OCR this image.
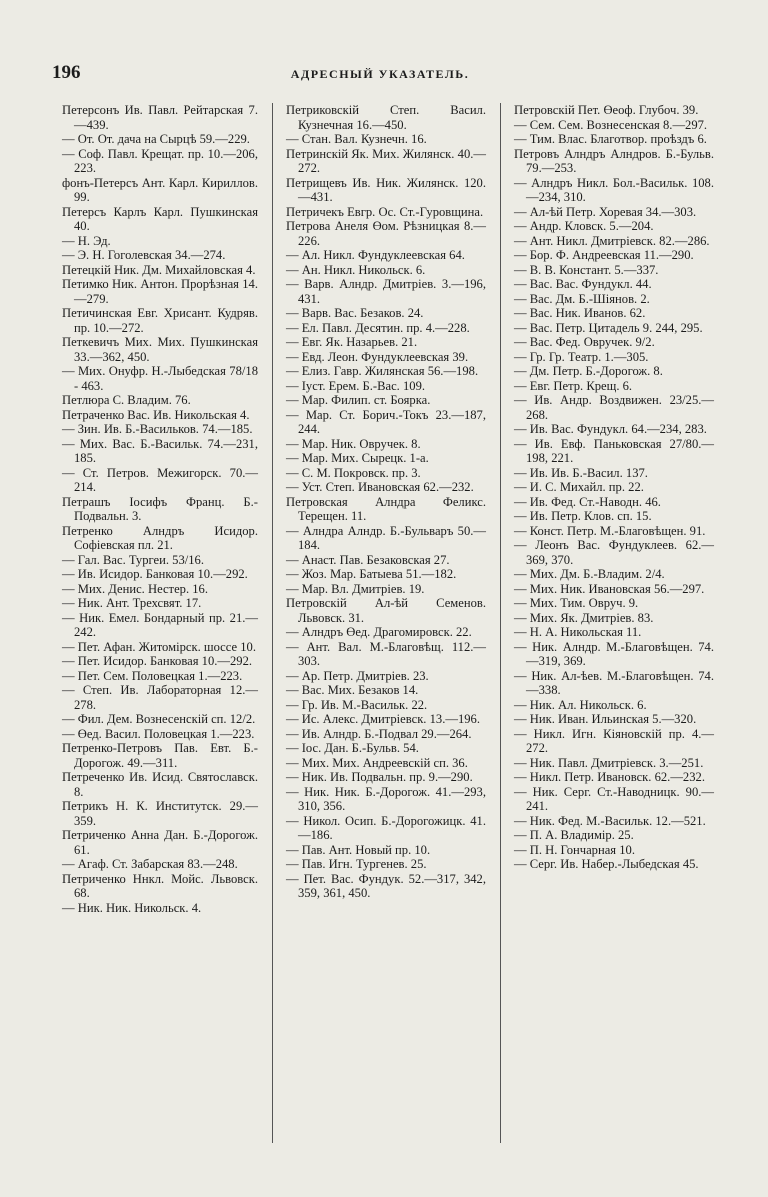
196	АДРЕСНЫЙ УКАЗАТЕЛЬ.
Петерсонъ Ив. Павл. Рейтарская 7.—439.
— От. От. дача на Сырцѣ 59.—229.
— Соф. Павл. Крещат. пр. 10.—206, 223.
фонъ-Петерсъ Ант. Карл. Кириллов. 99.
Петерсъ Карлъ Карл. Пушкинская 40.
— Н. Эд.
— Э. Н. Гоголевская 34.—274.
Петецкій Ник. Дм. Михайловская 4.
Петимко Ник. Антон. Прорѣзная 14.—279.
Петичинская Евг. Хрисант. Кудряв. пр. 10.—272.
Петкевичъ Мих. Мих. Пушкинская 33.—362, 450.
— Мих. Онуфр. Н.-Лыбедская 78/18 - 463.
Петлюра С. Владим. 76.
Петраченко Вас. Ив. Никольская 4.
— Зин. Ив. Б.-Васильков. 74.—185.
— Мих. Вас. Б.-Васильк. 74.—231, 185.
— Ст. Петров. Межигорск. 70.—214.
Петрашъ Іосифъ Франц. Б.-Подвальн. 3.
Петренко Алндръ Исидор. Софіевская пл. 21.
— Гал. Вас. Тургеи. 53/16.
— Ив. Исидор. Банковая 10.—292.
— Мих. Денис. Нестер. 16.
— Ник. Ант. Трехсвят. 17.
— Ник. Емел. Бондарный пр. 21.—242.
— Пет. Афан. Житомірск. шоссе 10.
— Пет. Исидор. Банковая 10.—292.
— Пет. Сем. Половецкая 1.—223.
— Степ. Ив. Лабораторная 12.—278.
— Фил. Дем. Вознесенскій сп. 12/2.
— Өед. Васил. Половецкая 1.—223.
Петренко-Петровъ Пав. Евт. Б.-Дорогож. 49.—311.
Петреченко Ив. Исид. Святославск. 8.
Петрикъ Н. К. Институтск. 29.—359.
Петриченко Анна Дан. Б.-Дорогож. 61.
— Агаф. Ст. Забарская 83.—248.
Петриченко Ннкл. Мойс. Львовск. 68.
— Ник. Ник. Никольск. 4.
Петриковскій Степ. Васил. Кузнечная 16.—450.
— Стан. Вал. Кузнечн. 16.
Петринскій Як. Мих. Жилянск. 40.—272.
Петрищевъ Ив. Ник. Жилянск. 120.—431.
Петричекъ Евгр. Ос. Ст.-Гуровщина.
Петрова Анеля Өом. Рѣзницкая 8.—226.
— Ал. Никл. Фундуклеевская 64.
— Ан. Никл. Никольск. 6.
— Варв. Алндр. Дмитріев. 3.—196, 431.
— Варв. Вас. Безаков. 24.
— Ел. Павл. Десятин. пр. 4.—228.
— Евг. Як. Назарьев. 21.
— Евд. Леон. Фундуклеевская 39.
— Елиз. Гавр. Жилянская 56.—198.
— Іуст. Ерем. Б.-Вас. 109.
— Мар. Филип. ст. Боярка.
— Мар. Ст. Борич.-Токъ 23.—187, 244.
— Мар. Ник. Овручек. 8.
— Мар. Мих. Сырецк. 1-а.
— С. М. Покровск. пр. 3.
— Уст. Степ. Ивановская 62.—232.
Петровская Алндра Феликс. Терещен. 11.
— Алндра Алндр. Б.-Бульваръ 50.—184.
— Анаст. Пав. Безаковская 27.
— Жоз. Мар. Батыева 51.—182.
— Мар. Вл. Дмитріев. 19.
Петровскій Ал-ѣй Семенов. Львовск. 31.
— Алндръ Өед. Драгомировск. 22.
— Ант. Вал. М.-Благовѣщ. 112.—303.
— Ар. Петр. Дмитріев. 23.
— Вас. Мих. Безаков 14.
— Гр. Ив. М.-Васильк. 22.
— Ис. Алекс. Дмитріевск. 13.—196.
— Ив. Алндр. Б.-Подвал 29.—264.
— Іос. Дан. Б.-Бульв. 54.
— Мих. Мих. Андреевскій сп. 36.
— Ник. Ив. Подвальн. пр. 9.—290.
— Ник. Ник. Б.-Дорогож. 41.—293, 310, 356.
— Никол. Осип. Б.-Дорогожицк. 41.—186.
— Пав. Ант. Новый пр. 10.
— Пав. Игн. Тургенев. 25.
— Пет. Вас. Фундук. 52.—317, 342, 359, 361, 450.
Петровскій Пет. Өеоф. Глубоч. 39.
— Сем. Сем. Вознесенская 8.—297.
— Тим. Влас. Благотвор. проѣздъ 6.
Петровъ Алндръ Алндров. Б.-Бульв. 79.—253.
— Алндръ Никл. Бол.-Васильк. 108.—234, 310.
— Ал-ѣй Петр. Хоревая 34.—303.
— Андр. Кловск. 5.—204.
— Ант. Никл. Дмитріевск. 82.—286.
— Бор. Ф. Андреевская 11.—290.
— В. В. Констант. 5.—337.
— Вас. Вас. Фундукл. 44.
— Вас. Дм. Б.-Шіянов. 2.
— Вас. Ник. Иванов. 62.
— Вас. Петр. Цитадель 9. 244, 295.
— Вас. Фед. Овручек. 9/2.
— Гр. Гр. Театр. 1.—305.
— Дм. Петр. Б.-Дорогож. 8.
— Евг. Петр. Крещ. 6.
— Ив. Андр. Воздвижен. 23/25.—268.
— Ив. Вас. Фундукл. 64.—234, 283.
— Ив. Евф. Паньковская 27/80.—198, 221.
— Ив. Ив. Б.-Васил. 137.
— И. С. Михайл. пр. 22.
— Ив. Фед. Ст.-Наводн. 46.
— Ив. Петр. Клов. сп. 15.
— Конст. Петр. М.-Благовѣщен. 91.
— Леонъ Вас. Фундуклеев. 62.—369, 370.
— Мих. Дм. Б.-Владим. 2/4.
— Мих. Ник. Ивановская 56.—297.
— Мих. Тим. Овруч. 9.
— Мих. Як. Дмитріев. 83.
— Н. А. Никольская 11.
— Ник. Алндр. М.-Благовѣщен. 74.—319, 369.
— Ник. Ал-ѣев. М.-Благовѣщен. 74.—338.
— Ник. Ал. Никольск. 6.
— Ник. Иван. Ильинская 5.—320.
— Никл. Игн. Кіяновскій пр. 4.—272.
— Ник. Павл. Дмитріевск. 3.—251.
— Никл. Петр. Ивановск. 62.—232.
— Ник. Серг. Ст.-Наводницк. 90.—241.
— Ник. Фед. М.-Васильк. 12.—521.
— П. А. Владимір. 25.
— П. Н. Гончарная 10.
— Серг. Ив. Набер.-Лыбедская 45.
